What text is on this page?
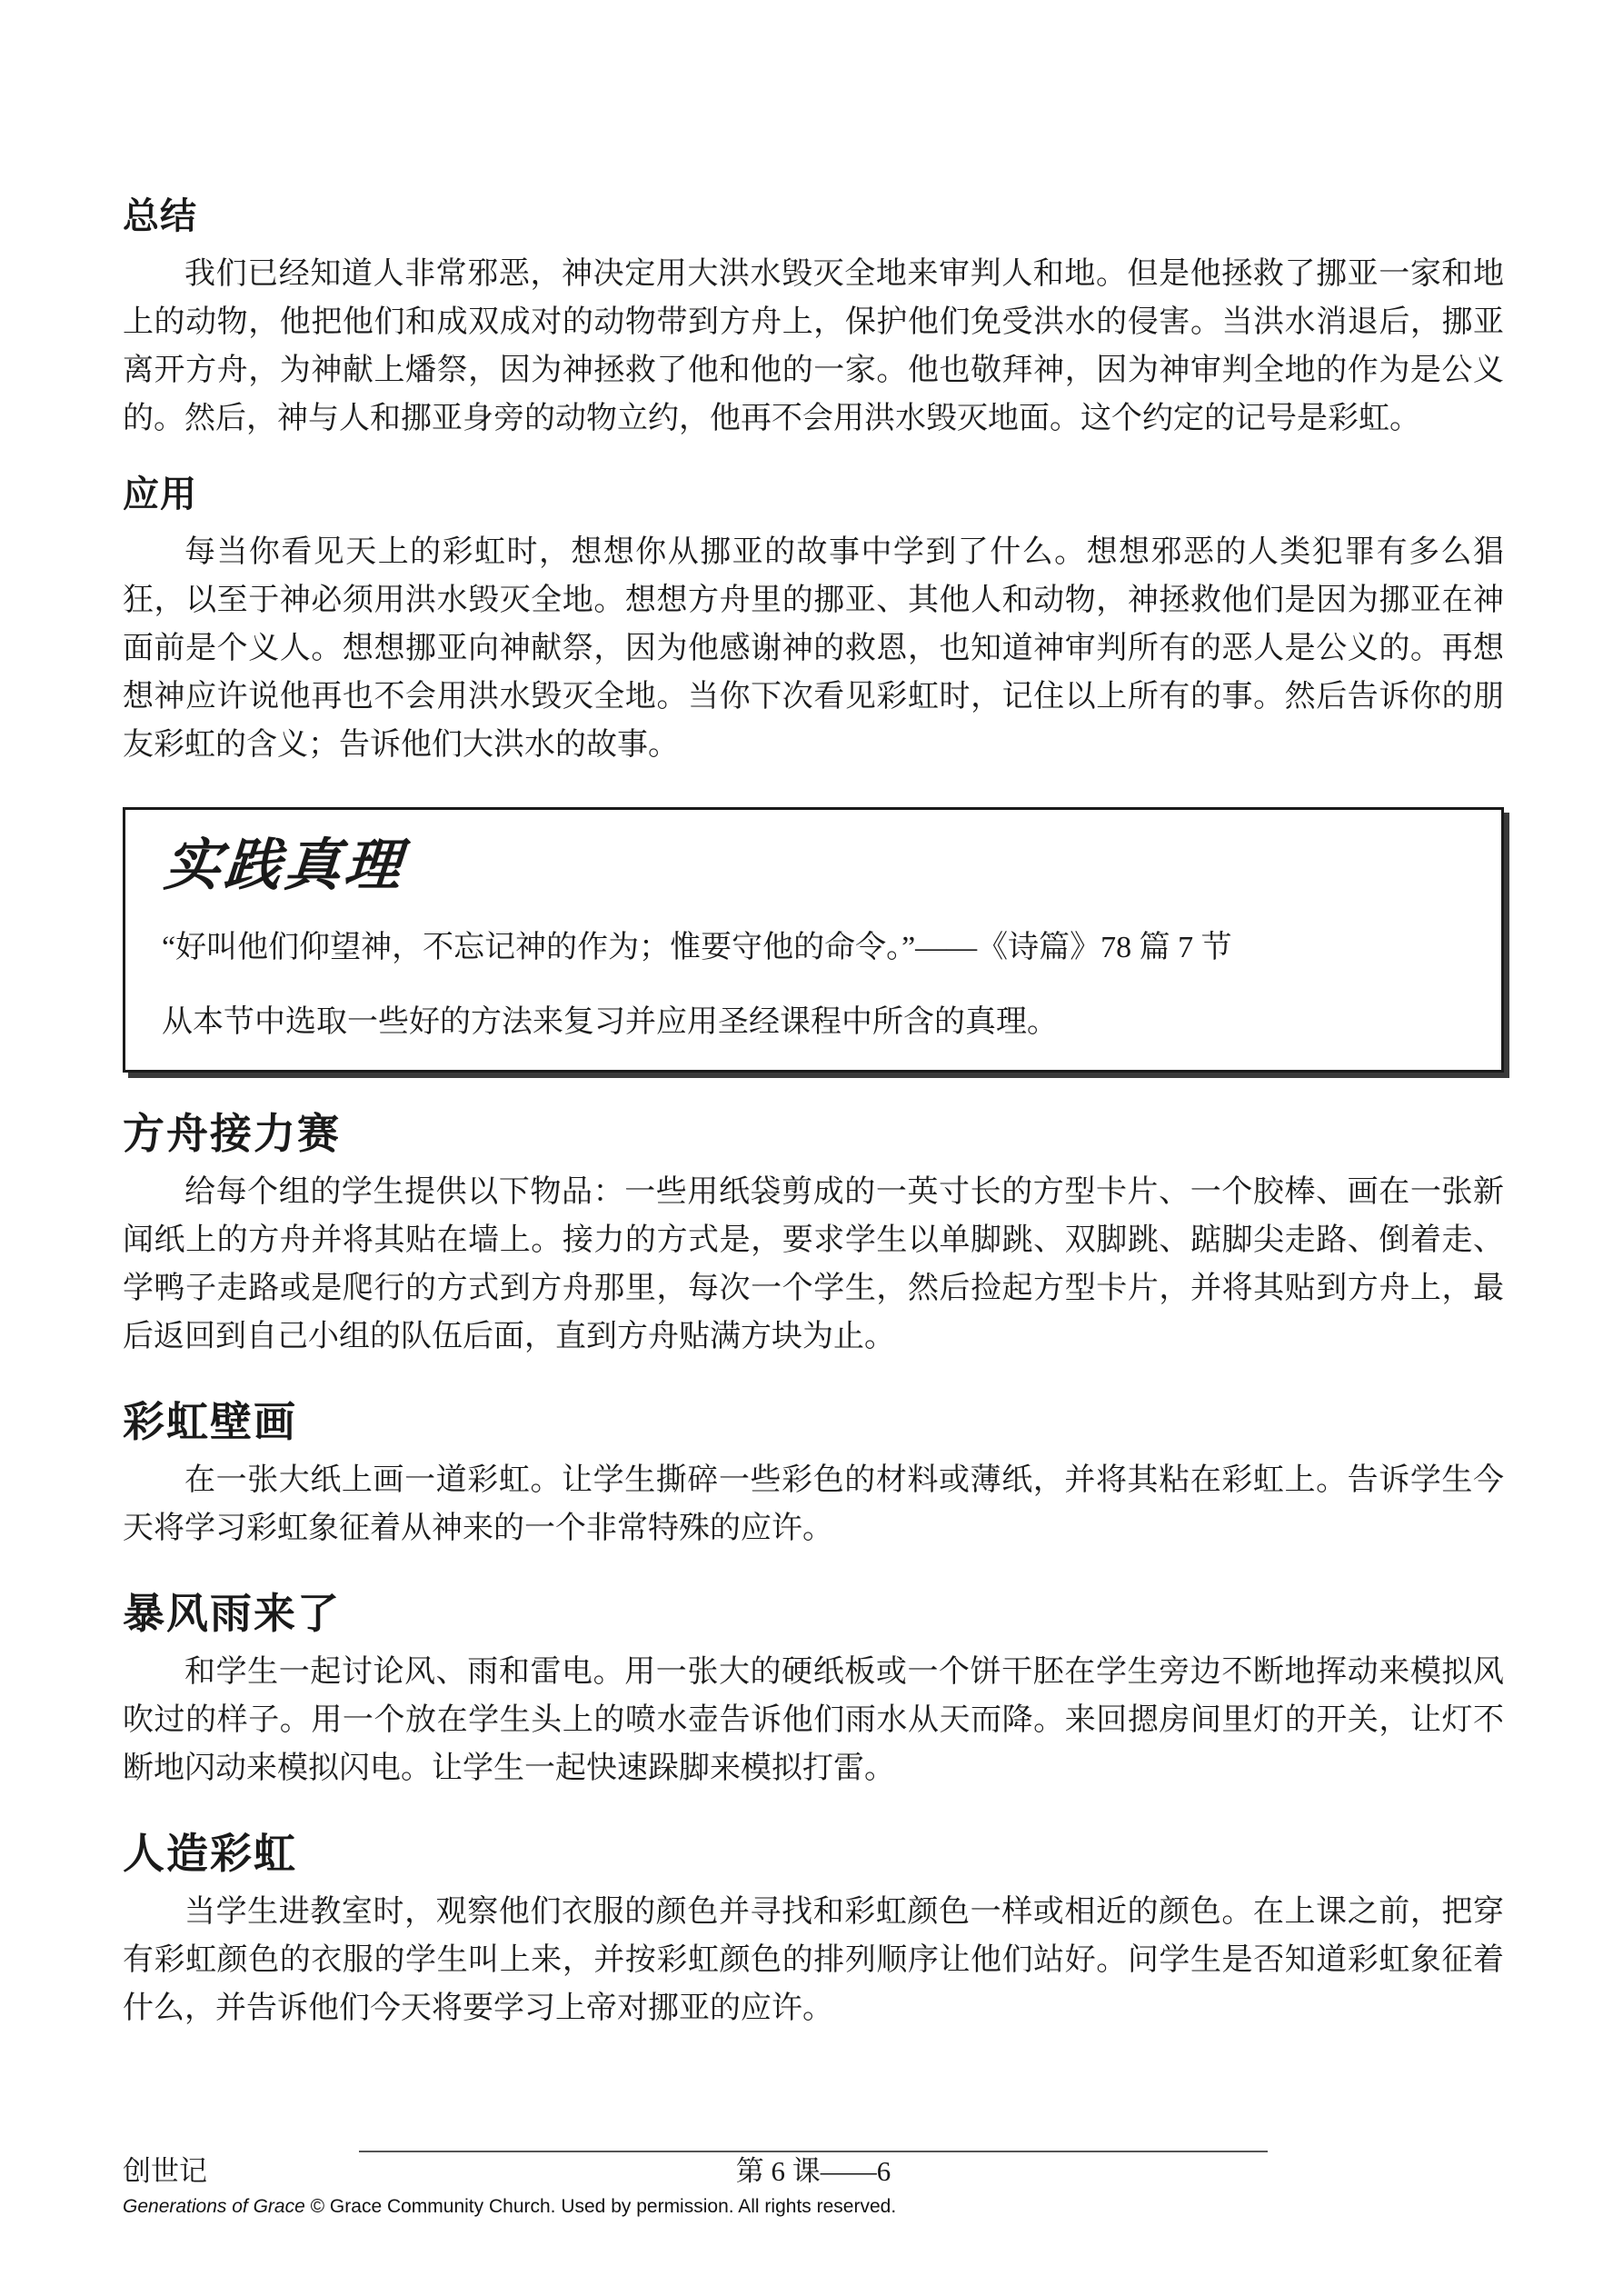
总结

我们已经知道人非常邪恶，神决定用大洪水毁灭全地来审判人和地。但是他拯救了挪亚一家和地上的动物，他把他们和成双成对的动物带到方舟上，保护他们免受洪水的侵害。当洪水消退后，挪亚离开方舟，为神献上燔祭，因为神拯救了他和他的一家。他也敬拜神，因为神审判全地的作为是公义的。然后，神与人和挪亚身旁的动物立约，他再不会用洪水毁灭地面。这个约定的记号是彩虹。

应用

每当你看见天上的彩虹时，想想你从挪亚的故事中学到了什么。想想邪恶的人类犯罪有多么猖狂，以至于神必须用洪水毁灭全地。想想方舟里的挪亚、其他人和动物，神拯救他们是因为挪亚在神面前是个义人。想想挪亚向神献祭，因为他感谢神的救恩，也知道神审判所有的恶人是公义的。再想想神应许说他再也不会用洪水毁灭全地。当你下次看见彩虹时，记住以上所有的事。然后告诉你的朋友彩虹的含义；告诉他们大洪水的故事。

实践真理

“好叫他们仰望神，不忘记神的作为；惟要守他的命令。”——《诗篇》78 篇 7 节

从本节中选取一些好的方法来复习并应用圣经课程中所含的真理。

方舟接力赛

给每个组的学生提供以下物品：一些用纸袋剪成的一英寸长的方型卡片、一个胶棒、画在一张新闻纸上的方舟并将其贴在墙上。接力的方式是，要求学生以单脚跳、双脚跳、踮脚尖走路、倒着走、学鸭子走路或是爬行的方式到方舟那里，每次一个学生，然后捡起方型卡片，并将其贴到方舟上，最后返回到自己小组的队伍后面，直到方舟贴满方块为止。

彩虹壁画

在一张大纸上画一道彩虹。让学生撕碎一些彩色的材料或薄纸，并将其粘在彩虹上。告诉学生今天将学习彩虹象征着从神来的一个非常特殊的应许。

暴风雨来了

和学生一起讨论风、雨和雷电。用一张大的硬纸板或一个饼干胚在学生旁边不断地挥动来模拟风吹过的样子。用一个放在学生头上的喷水壶告诉他们雨水从天而降。来回摁房间里灯的开关，让灯不断地闪动来模拟闪电。让学生一起快速跺脚来模拟打雷。

人造彩虹

当学生进教室时，观察他们衣服的颜色并寻找和彩虹颜色一样或相近的颜色。在上课之前，把穿有彩虹颜色的衣服的学生叫上来，并按彩虹颜色的排列顺序让他们站好。问学生是否知道彩虹象征着什么，并告诉他们今天将要学习上帝对挪亚的应许。

创世记	第 6 课——6
Generations of Grace © Grace Community Church. Used by permission. All rights reserved.
